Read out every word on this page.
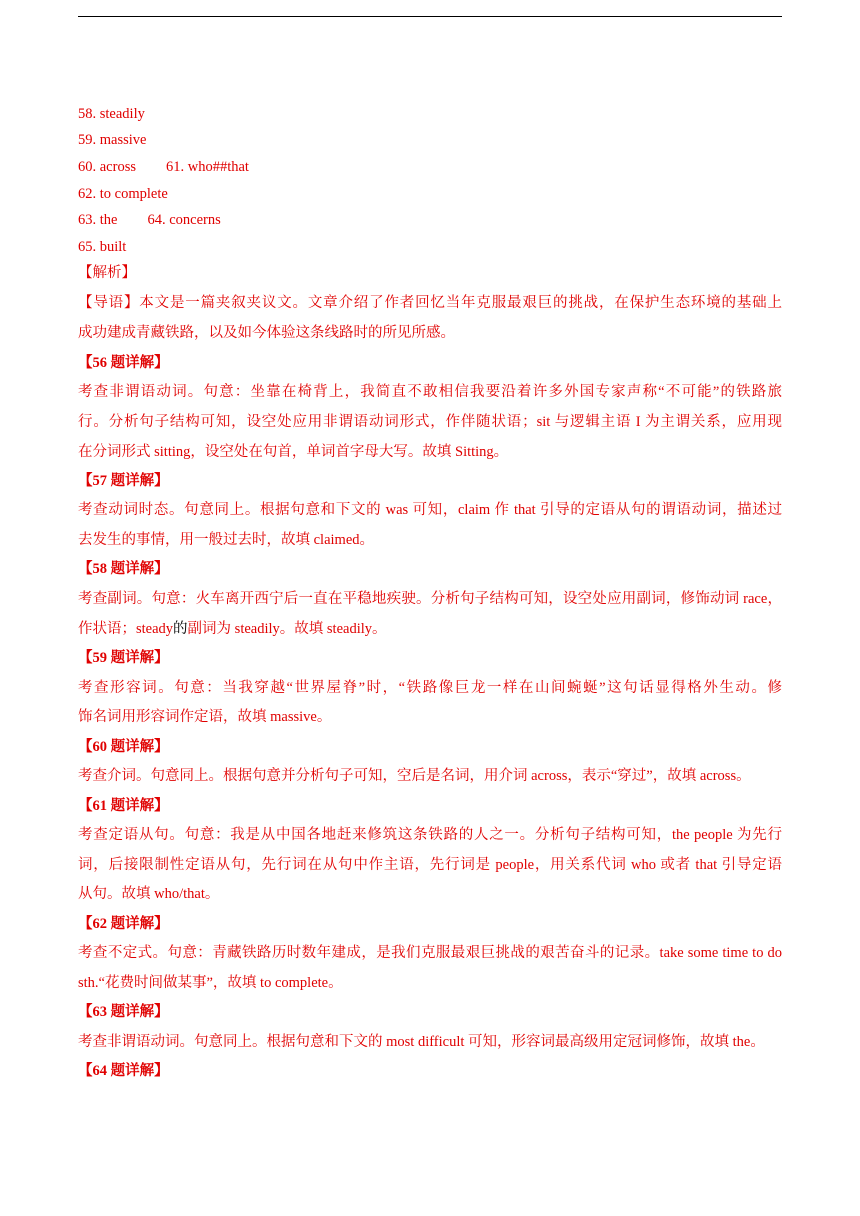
58. steadily
59. massive
60. across 61. who##that
62. to complete
63. the 64. concerns
65. built
【解析】
【导语】本文是一篇夹叙夹议文。文章介绍了作者回忆当年克服最艰巨的挑战，在保护生态环境的基础上
成功建成青藏铁路，以及如今体验这条线路时的所见所感。
【56 题详解】
考查非谓语动词。句意：坐靠在椅背上，我简直不敢相信我要沿着许多外国专家声称“不可能”的铁路旅
行。分析句子结构可知，设空处应用非谓语动词形式，作伴随状语；sit 与逻辑主语 I 为主谓关系，应用现
在分词形式 sitting，设空处在句首，单词首字母大写。故填 Sitting。
【57 题详解】
考查动词时态。句意同上。根据句意和下文的 was 可知，claim 作 that 引导的定语从句的谓语动词，描述过
去发生的事情，用一般过去时，故填 claimed。
【58 题详解】
考查副词。句意：火车离开西宁后一直在平稳地疾驶。分析句子结构可知，设空处应用副词，修饰动词 race，
作状语；steady的副词为 steadily。故填 steadily。
【59 题详解】
考查形容词。句意：当我穿越“世界屋脊”时，“铁路像巨龙一样在山间蜿蜒”这句话显得格外生动。修
饰名词用形容词作定语，故填 massive。
【60 题详解】
考查介词。句意同上。根据句意并分析句子可知，空后是名词，用介词 across，表示“穿过”，故填 across。
【61 题详解】
考查定语从句。句意：我是从中国各地赶来修筑这条铁路的人之一。分析句子结构可知，the people 为先行
词，后接限制性定语从句，先行词在从句中作主语，先行词是 people，用关系代词 who 或者 that 引导定语
从句。故填 who/that。
【62 题详解】
考查不定式。句意：青藏铁路历时数年建成，是我们克服最艰巨挑战的艰苦奋斗的记录。take some time to do
sth.“花费时间做某事”，故填 to complete。
【63 题详解】
考查非谓语动词。句意同上。根据句意和下文的 most difficult 可知，形容词最高级用定冠词修饰，故填 the。
【64 题详解】
